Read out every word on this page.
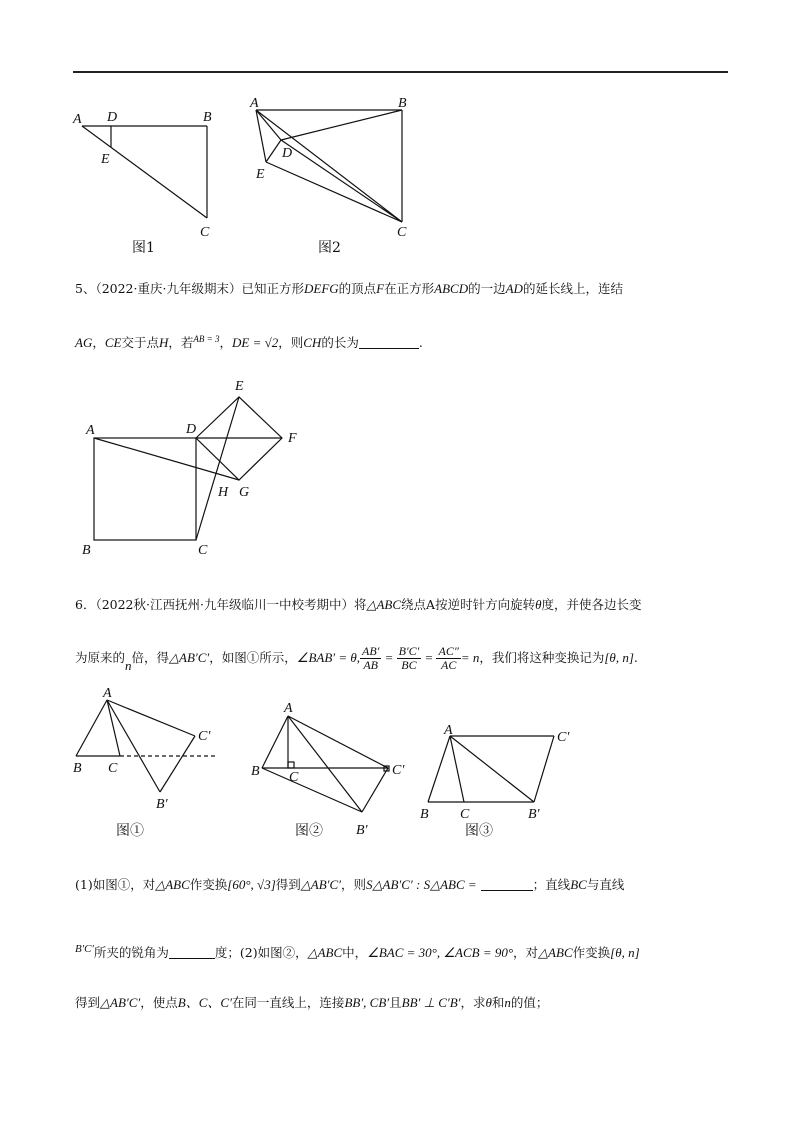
A D	B
E
C
图1
A	B
D
E
C
图2
A	D
E
F
G
H
B	C
A
B C
C′
B′
图①
A
B C	C′
B′
图②
A	C′
B C	B′
图③
5、（2022·重庆·九年级期末）已知正方形DEFG的顶点F在正方形ABCD的一边AD的延长线上，连结
AG，CE交于点H，若$^{AB = 3}$，DE = √2，则CH的长为	.
6．（2022秋·江西抚州·九年级临川一中校考期中）将△ABC绕点A按逆时针方向旋转θ度，并使各边长变
为原来的n倍，得△AB′C′，如图①所示，∠BAB′ = θ, $\frac{AB'}{AB} = \frac{B'C'}{BC} = \frac{AC''}{AC} = n$，我们将这种变换记为[θ, n].
(1)如图①，对△ABC作变换[60°, √3]得到△AB′C′，则S△AB′C′ : S△ABC =	；直线BC与直线
B′C′所夹的锐角为	度；(2)如图②，△ABC中，∠BAC = 30°, ∠ACB = 90°，对△ABC作变换[θ, n]
得到△AB′C′，使点B、C、C′在同一直线上，连接BB′, CB′且BB′ ⊥ C′B′，求θ和n的值；
